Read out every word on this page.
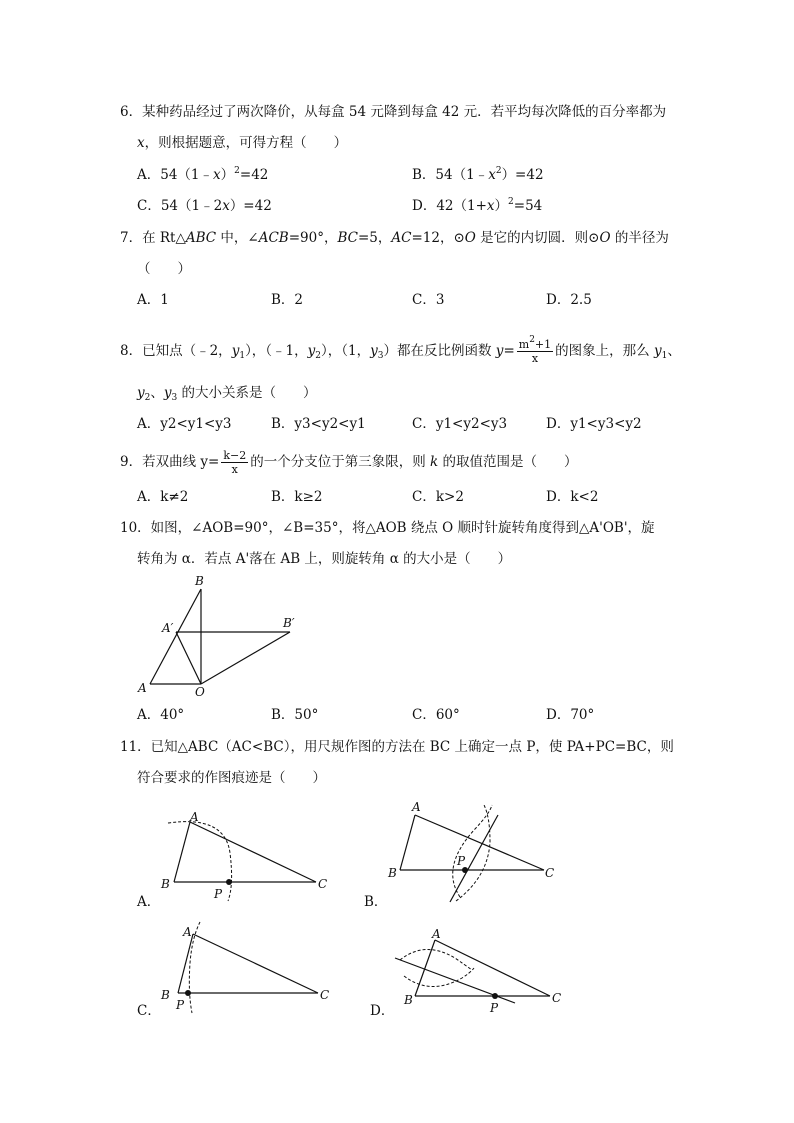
6．某种药品经过了两次降价，从每盒 54 元降到每盒 42 元．若平均每次降低的百分率都为
x，则根据题意，可得方程（　　）
A．54（1﹣x）$^2$=42	B．$54(1﹣x^2)=42$
C．54（1﹣2x）=42	D．$42(1+x)^2=54$
7．在 Rt△ABC 中，∠ACB=90°，BC=5，AC=12，⊙O 是它的内切圆．则⊙O 的半径为
（　　）
A．1	B．2	C．3	D．2.5
8．已知点（﹣2，$y_1$），（﹣1，$y_2$），（1，$y_3$）都在反比例函数 $y= \frac{m^2+1}{x}$ 的图象上，那么 $y_1$、
$y_2$、$y_3$ 的大小关系是（　　）
A．y2<y1<y3	B．y3<y2<y1	C．y1<y2<y3	D．y1<y3<y2
9．若双曲线 $y= \frac{k-2}{x}$ 的一个分支位于第三象限，则 k 的取值范围是（　　）
A．k≠2	B．k≥2	C．k>2	D．k<2
10．如图，∠AOB=90°，∠B=35°，将△AOB 绕点 O 顺时针旋转角度得到△A'OB'，旋
转角为 α．若点 A'落在 AB 上，则旋转角 α 的大小是（　　）
B
A′	B′
A	O
A．40°	B．50°	C．60°	D．70°
11．已知△ABC（AC<BC），用尺规作图的方法在 BC 上确定一点 P，使 PA+PC=BC，则
符合要求的作图痕迹是（　　）
A
B
P
C
A．
A
B
P
C
B．
A
B
P
C
C．
A
B
P
C
D．
